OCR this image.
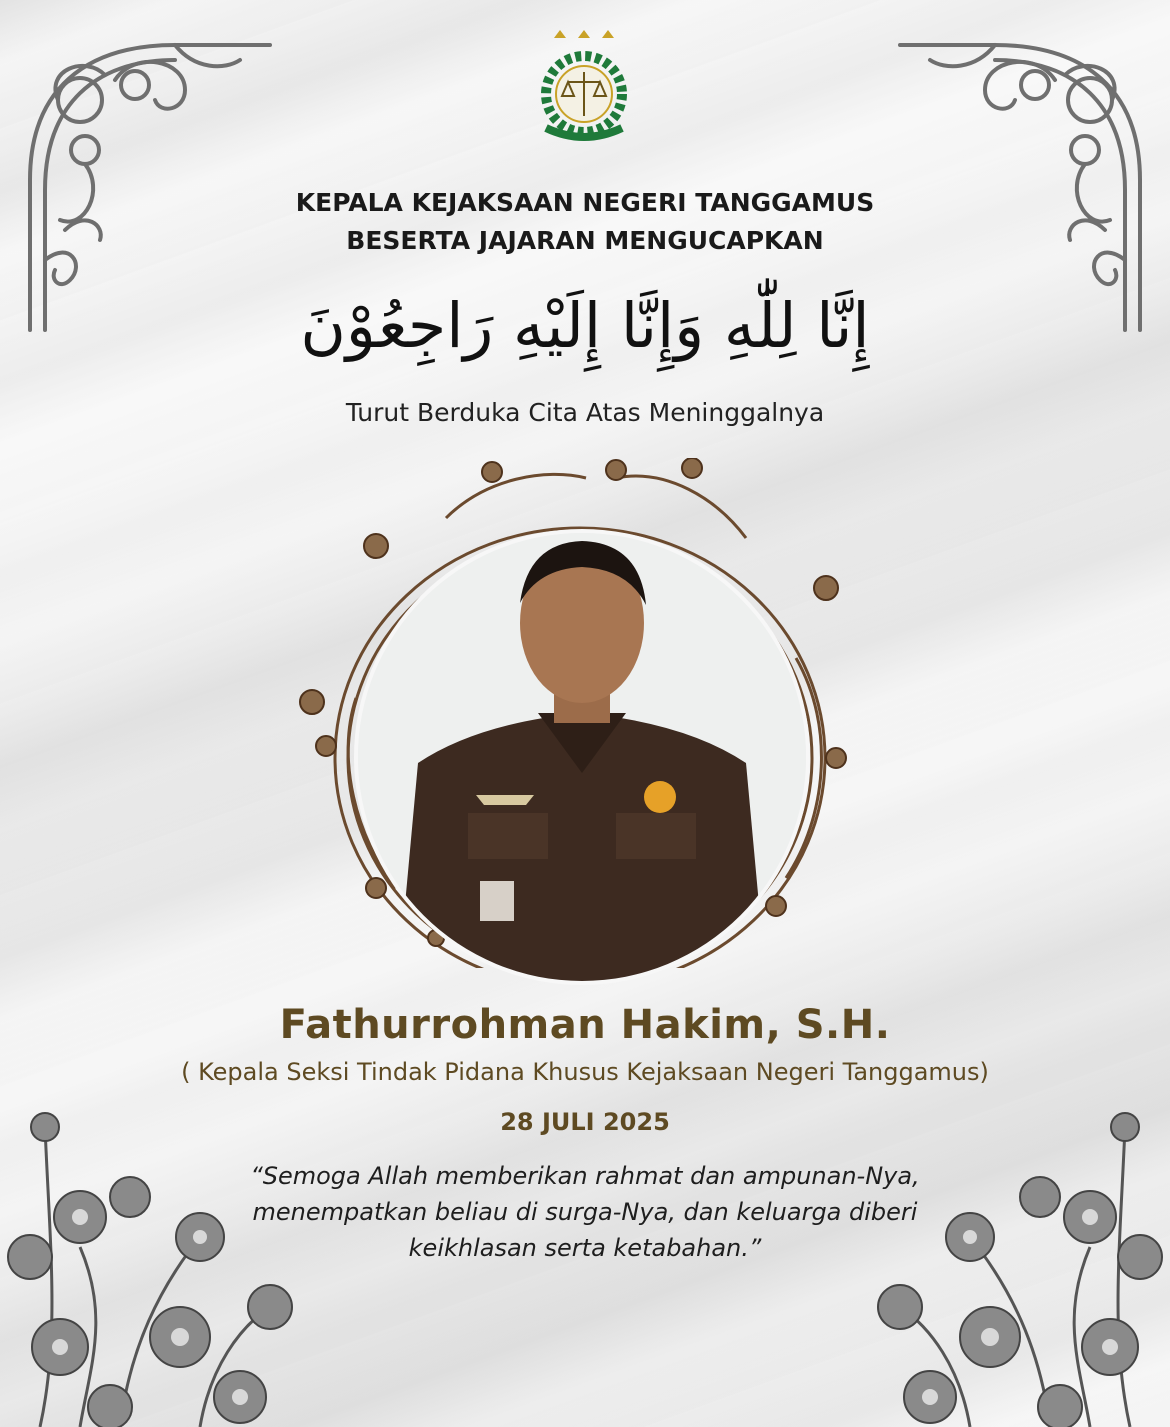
KEPALA KEJAKSAAN NEGERI TANGGAMUS
BESERTA JAJARAN MENGUCAPKAN
إِنَّا لِلّٰهِ وَإِنَّا إِلَيْهِ رَاجِعُوْنَ
Turut Berduka Cita Atas Meninggalnya
Fathurrohman Hakim, S.H.
( Kepala Seksi Tindak Pidana Khusus Kejaksaan Negeri Tanggamus)
28 JULI 2025
“Semoga Allah memberikan rahmat dan ampunan-Nya,
menempatkan beliau di surga-Nya, dan keluarga diberi
keikhlasan serta ketabahan.”
